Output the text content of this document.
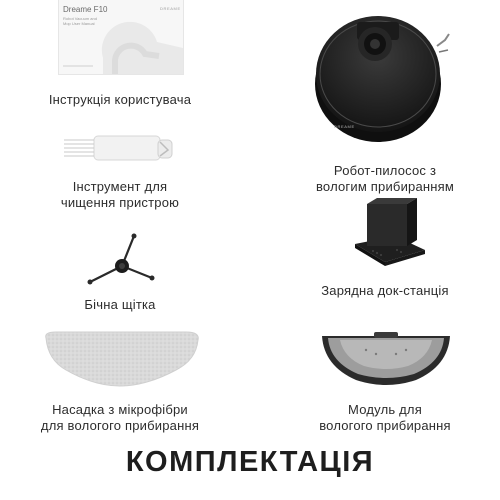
Dreame F10
Robot Vacuum and Mop User Manual
DREAME
Інструкція користувача
DREAME
Робот-пилосос з
вологим прибиранням
Інструмент для
чищення пристрою
Зарядна док-станція
Бічна щітка
Насадка з мікрофібри
для вологого прибирання
Модуль для
вологого прибирання
КОМПЛЕКТАЦІЯ
